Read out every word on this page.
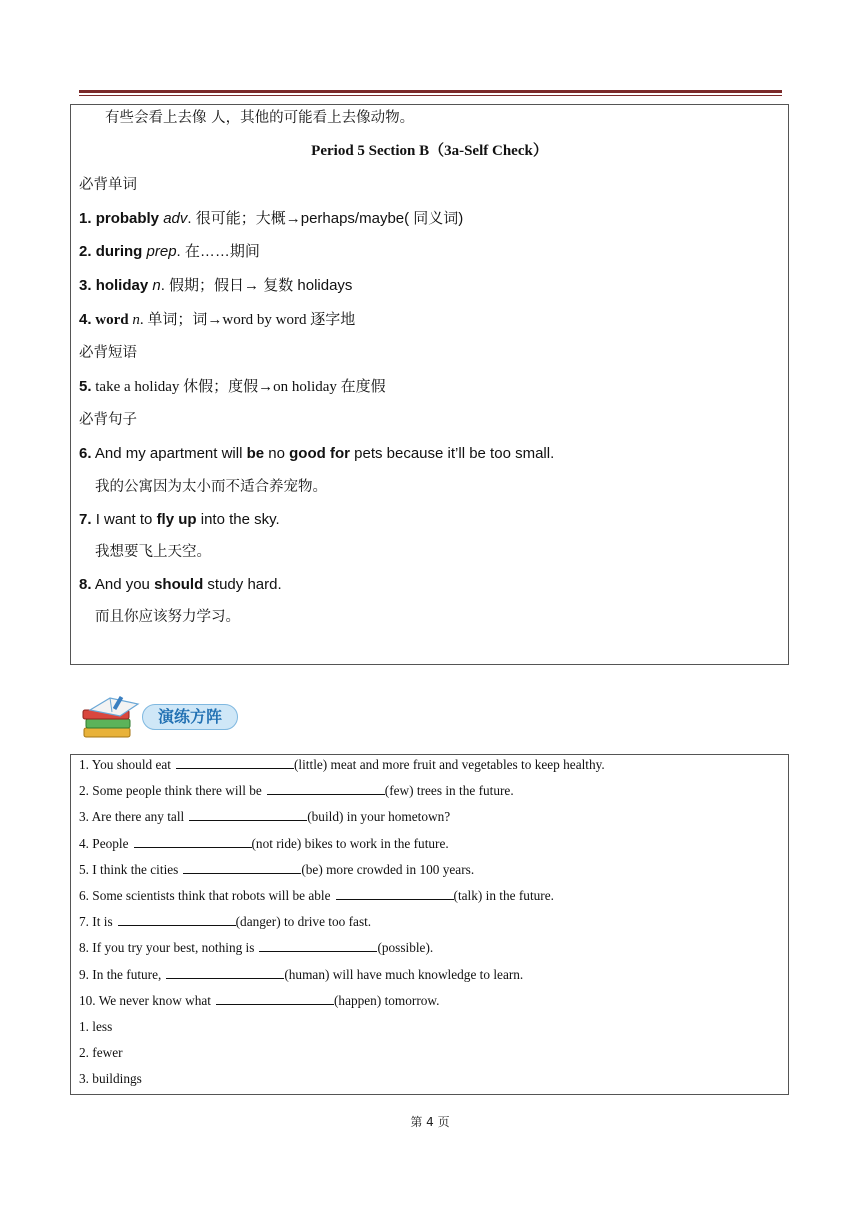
有些会看上去像 人，其他的可能看上去像动物。
Period 5 Section B（3a-Self Check）
必背单词
1. probably adv. 很可能；大概→perhaps/maybe( 同义词)
2. during prep. 在……期间
3. holiday n. 假期；假日→ 复数 holidays
4. word n. 单词；词→word by word 逐字地
必背短语
5. take a holiday 休假；度假→on holiday 在度假
必背句子
6. And my apartment will be no good for pets because it’ll be too small.
我的公寓因为太小而不适合养宠物。
7. I want to fly up into the sky.
我想要飞上天空。
8. And you should study hard.
而且你应该努力学习。
演练方阵
1. You should eat	(little) meat and more fruit and vegetables to keep healthy.
2. Some people think there will be	(few) trees in the future.
3. Are there any tall	(build) in your hometown?
4. People	(not ride) bikes to work in the future.
5. I think the cities	(be) more crowded in 100 years.
6. Some scientists think that robots will be able	(talk) in the future.
7. It is	(danger) to drive too fast.
8. If you try your best, nothing is	(possible).
9. In the future,	(human) will have much knowledge to learn.
10. We never know what	(happen) tomorrow.
1. less
2. fewer
3. buildings
第 4 页
